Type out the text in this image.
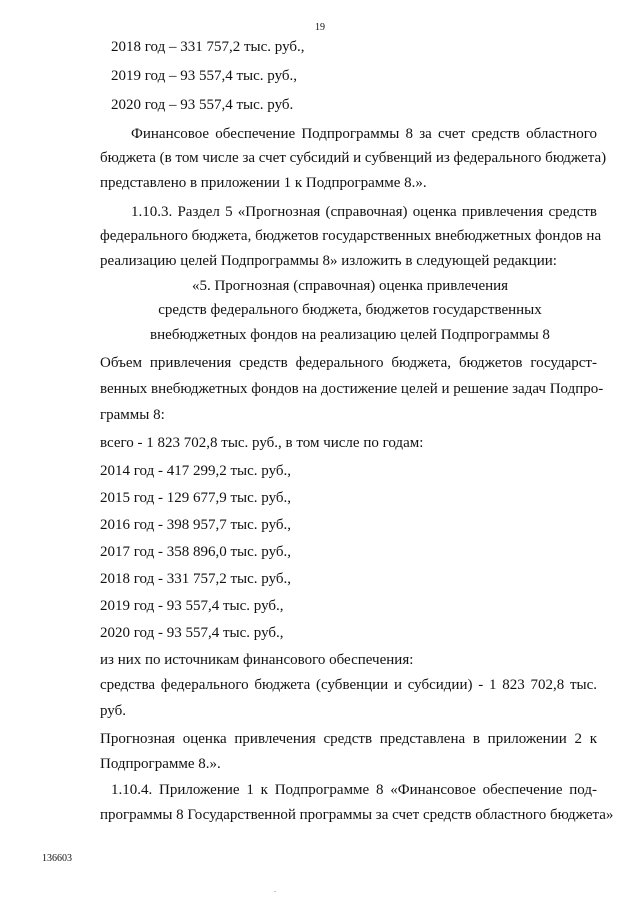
19
2018 год – 331 757,2 тыс. руб.,
2019 год – 93 557,4 тыс. руб.,
2020 год – 93 557,4 тыс. руб.
Финансовое обеспечение Подпрограммы 8 за счет средств областного
бюджета (в том числе за счет субсидий и субвенций из федерального бюджета)
представлено в приложении 1 к Подпрограмме 8.».
1.10.3. Раздел 5 «Прогнозная (справочная) оценка привлечения средств
федерального бюджета, бюджетов государственных внебюджетных фондов на
реализацию целей Подпрограммы 8» изложить в следующей редакции:
«5. Прогнозная (справочная) оценка привлечения
средств федерального бюджета, бюджетов государственных
внебюджетных фондов на реализацию целей Подпрограммы 8
Объем привлечения средств федерального бюджета, бюджетов государст-
венных внебюджетных фондов на достижение целей и решение задач Подпро-
граммы 8:
всего - 1 823 702,8 тыс. руб., в том числе по годам:
2014 год - 417 299,2 тыс. руб.,
2015 год - 129 677,9 тыс. руб.,
2016 год - 398 957,7 тыс. руб.,
2017 год - 358 896,0 тыс. руб.,
2018 год - 331 757,2 тыс. руб.,
2019 год - 93 557,4 тыс. руб.,
2020 год - 93 557,4 тыс. руб.,
из них по источникам финансового обеспечения:
средства федерального бюджета (субвенции и субсидии) - 1 823 702,8 тыс.
руб.
Прогнозная оценка привлечения средств представлена в приложении 2 к
Подпрограмме 8.».
1.10.4. Приложение 1 к Подпрограмме 8 «Финансовое обеспечение под-
программы 8 Государственной программы за счет средств областного бюджета»
136603
.
